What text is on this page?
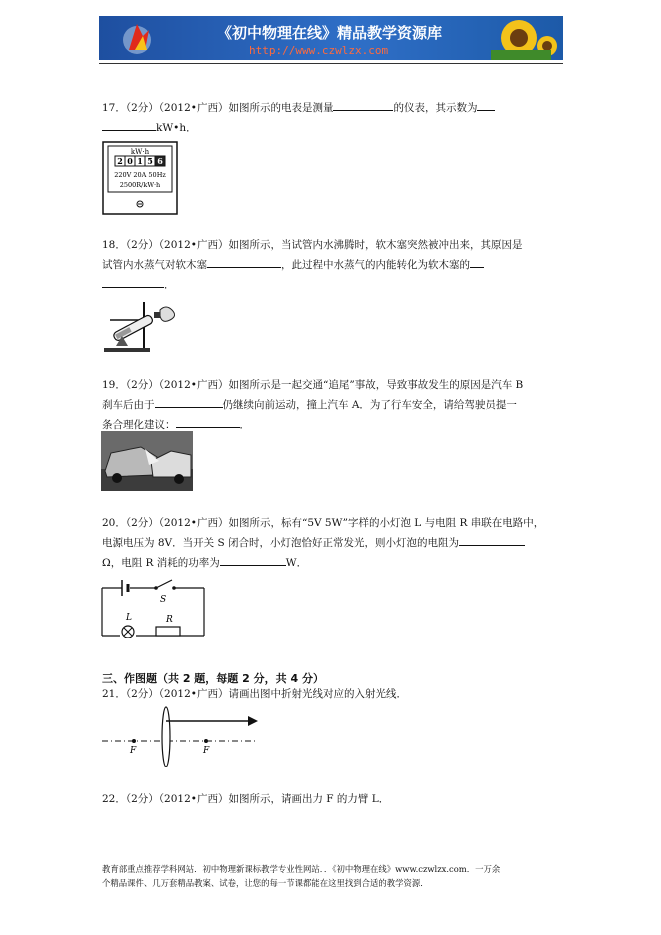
《初中物理在线》精品教学资源库
http://www.czwlzx.com
17．（2分）（2012•广西）如图所示的电表是测量	的仪表，其示数为
kW•h．
kW·h
2 0 1 5 6
220V 20A 50Hz
2500R/kW·h
18．（2分）（2012•广西）如图所示，当试管内水沸腾时，软木塞突然被冲出来，其原因是
试管内水蒸气对软木塞	，此过程中水蒸气的内能转化为软木塞的
．
19．（2分）（2012•广西）如图所示是一起交通“追尾”事故，导致事故发生的原因是汽车 B
刹车后由于	仍继续向前运动，撞上汽车 A．为了行车安全，请给驾驶员提一
条合理化建议：	．
20．（2分）（2012•广西）如图所示，标有“5V 5W”字样的小灯泡 L 与电阻 R 串联在电路中，
电源电压为 8V．当开关 S 闭合时，小灯泡恰好正常发光，则小灯泡的电阻为
Ω，电阻 R 消耗的功率为	W．
S
L	R
三、作图题（共 2 题，每题 2 分，共 4 分）
21．（2分）（2012•广西）请画出图中折射光线对应的入射光线．
F	F
22．（2分）（2012•广西）如图所示，请画出力 F 的力臂 L．
教育部重点推荐学科网站．初中物理新课标教学专业性网站．．《初中物理在线》www.czwlzx.com．一万余
个精品课件、几万套精品教案、试卷，让您的每一节课都能在这里找到合适的教学资源．
